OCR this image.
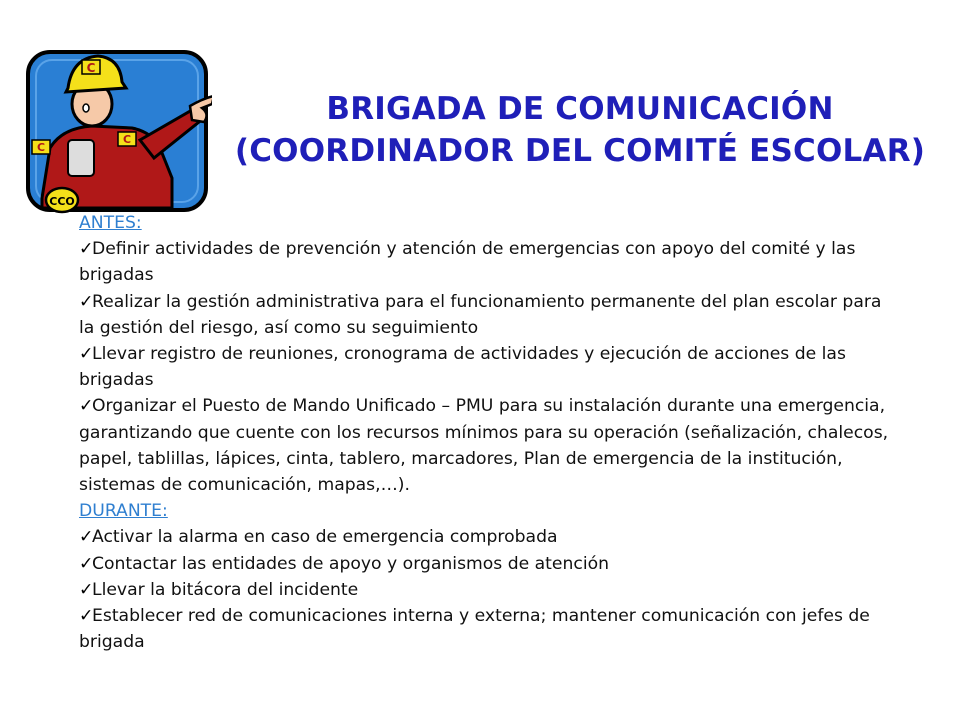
C
C
C
CCO
BRIGADA DE COMUNICACIÓN
(COORDINADOR DEL COMITÉ ESCOLAR)
ANTES:
✓Definir actividades de prevención y atención de emergencias con apoyo del comité y las brigadas
✓Realizar la gestión administrativa para el funcionamiento permanente del plan escolar para la gestión del riesgo, así como su seguimiento
✓Llevar registro de reuniones, cronograma de actividades y ejecución de acciones de las brigadas
✓Organizar el Puesto de Mando Unificado – PMU para su instalación durante una emergencia, garantizando que cuente con los recursos mínimos para su operación (señalización, chalecos, papel, tablillas, lápices, cinta, tablero, marcadores, Plan de emergencia de la institución, sistemas de comunicación, mapas,…).
DURANTE:
✓Activar la alarma en caso de emergencia comprobada
✓Contactar las entidades de apoyo y organismos de atención
✓Llevar la bitácora del incidente
✓Establecer red de comunicaciones interna y externa; mantener comunicación con jefes de brigada
